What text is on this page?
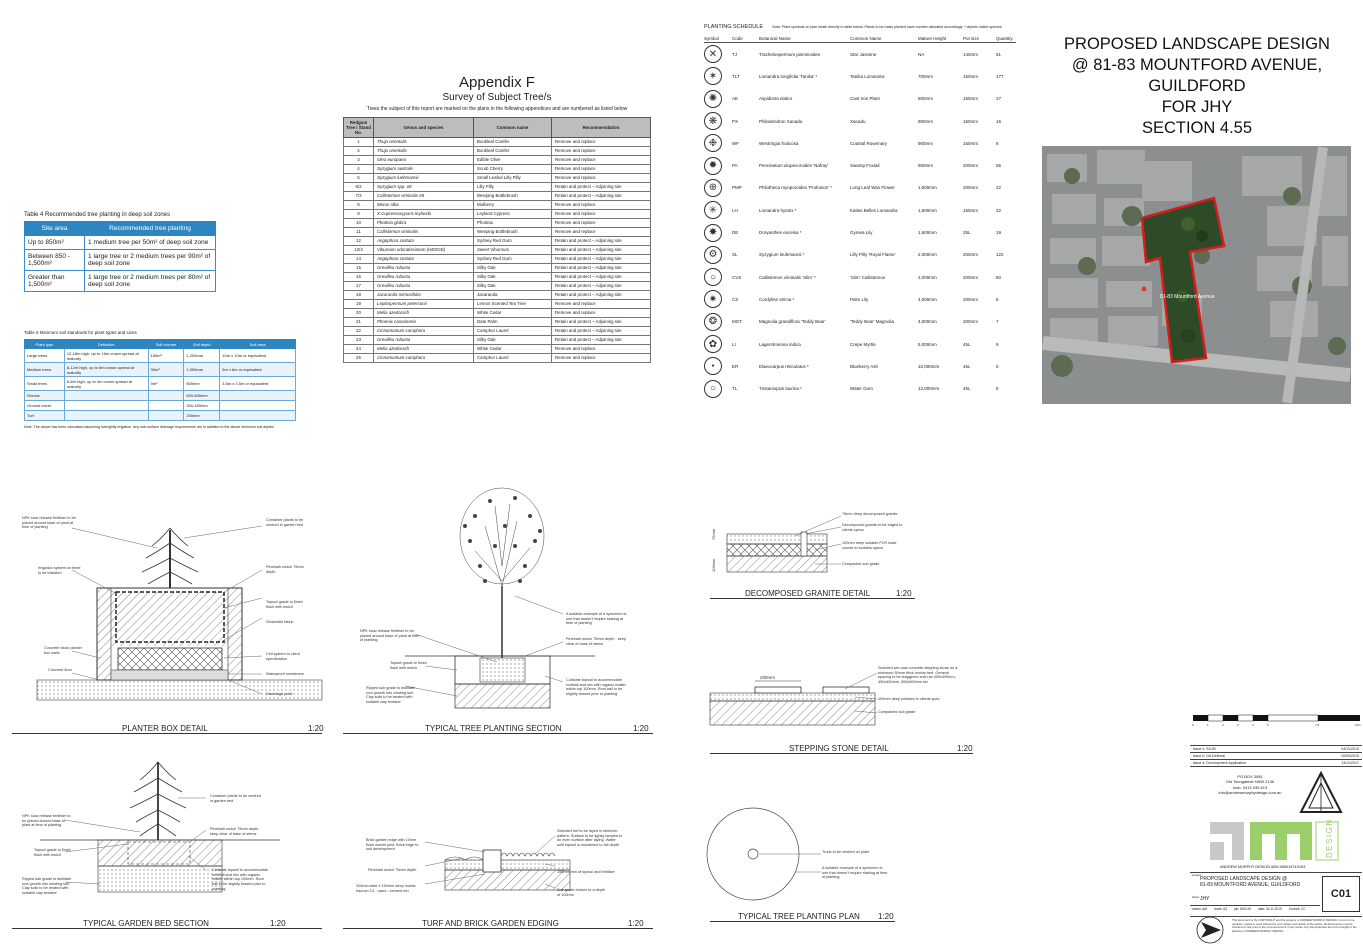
Table 4 Recommended tree planting in deep soil zones
Site area	Recommended tree planting
Up to 850m²	1 medium tree per 50m² of deep soil zone
Between 850 - 1,500m²	1 large tree or 2 medium trees per 90m² of deep soil zone
Greater than 1,500m²	1 large tree or 2 medium trees per 80m² of deep soil zone
Table 5 Minimum soil standards for plant types and sizes
Plant type	Definition	Soil volume	Soil depth	Soil area
Large trees	12-18m high, up to 16m crown spread at maturity	150m³	1,200mm	10m x 10m or equivalent
Medium trees	8-12m high, up to 8m crown spread at maturity	35m³	1,000mm	6m x 6m or equivalent
Small trees	6-8m high, up to 4m crown spread at maturity	9m³	800mm	3.5m x 3.5m or equivalent
Shrubs			500-600mm	
Ground cover			300-450mm	
Turf			200mm	
Note: The above has been calculated assuming fortnightly irrigation. Any sub-surface drainage requirements are in addition to the above minimum soil depths
Appendix F
Survey of Subject Tree/s
Trees the subject of this report are marked on the plans in the following appendices and are numbered as listed below
Redgum Tree / Stand No.	Genus and species	Common name	Recommendation
1	Thuja orientalis	Bookleaf Conifer	Remove and replace
2	Thuja orientalis	Bookleaf Conifer	Remove and replace
3	Olea europaea	Edible Olive	Remove and replace
4	Syzygium australe	Scrub Cherry	Remove and replace
5	Syzygium luehmannii	Small Leafed Lilly Pilly	Remove and replace
6/2	Syzygium spp. ett	Lilly Pilly	Retain and protect – Adjoining site
7/3	Callistemon viminalis ett	Weeping Bottlebrush	Retain and protect – Adjoining site
8	Morus alba	Mulberry	Remove and replace
9	X Cupressocyparis leylandii	Leyland Cypress	Remove and replace
10	Photinia glabra	Photinia	Remove and replace
11	Callistemon viminalis	Weeping Bottlebrush	Remove and replace
12	Angophora costata	Sydney Red Gum	Retain and protect – Adjoining site
13/4	Viburnum odoratissimum (HEDGE)	Sweet Viburnum	Retain and protect – Adjoining site
14	Angophora costata	Sydney Red Gum	Retain and protect – Adjoining site
15	Grevillea robusta	Silky Oak	Retain and protect – Adjoining site
16	Grevillea robusta	Silky Oak	Retain and protect – Adjoining site
17	Grevillea robusta	Silky Oak	Retain and protect – Adjoining site
18	Jacaranda mimosifolia	Jacaranda	Retain and protect – Adjoining site
19	Leptospermum petersonii	Lemon Scented Tea Tree	Remove and replace
20	Melia azedarach	White Cedar	Remove and replace
21	Phoenix canariensis	Date Palm	Retain and protect – Adjoining site
22	Cinnamomum camphora	Camphor Laurel	Retain and protect – Adjoining site
23	Grevillea robusta	Silky Oak	Retain and protect – Adjoining site
24	Melia azedarach	White Cedar	Remove and replace
25	Cinnamomum camphora	Camphor Laurel	Remove and replace
PLANTING SCHEDULE	Note: Plant symbols on plan relate directly to table below. Plants to be mass planted have number allocated accordingly. * depicts native species
Symbol	Code	Botanical Name	Common Name	Mature Height	Pot size	Quantity
✕	TJ	Trachelospermum jasminoides	Star Jasmine	NA	140mm	51
✶	TLT	Lomandra longifolia 'Tanika' *	Tanika Lomandra	700mm	150mm	177
✺	AE	Aspidistra elatior	Cast Iron Plant	800mm	150mm	27
❋	PX	Philodendron Xanadu	Xanadu	900mm	150mm	16
❉	WF	Westringia fruticosa	Coastal Rosemary	900mm	150mm	8
✹	PA	Pennisetum alopecuroides 'Nafray'	Swamp Foxtail	900mm	200mm	55
⊕	PMP	Philotheca myoporoides 'Profusion' *	Long Leaf Wax Flower	1,500mm	200mm	22
✳	LH	Lomandra hystrix *	Katies Belles Lomandra	1,500mm	150mm	22
✸	DE	Doryanthes excelsa *	Gymea Lily	1,500mm	25L	19
⚙	SL	Syzygium leuhmannii *	Lilly Pilly 'Royal Flame'	2,000mm	200mm	122
○	CVS	Callistemon viminalis 'Slim' *	'Slim' Callistemon	3,000mm	200mm	60
✷	CS	Cordyline stricta *	Palm Lily	4,000mm	200mm	6
❂	MGT	Magnolia grandiflora 'Teddy Bear'	'Teddy Bear' Magnolia	4,000mm	200mm	7
✿	LI	Lagerstroemia indica	Crepe Myrtle	5,000mm	45L	9
●	ER	Elaeocarpus reticulatus *	Blueberry Ash	10,000mm	45L	5
○	TL	Tristaniopsis laurina *	Water Gum	12,000mm	45L	8
PROPOSED LANDSCAPE DESIGN
@ 81-83 MOUNTFORD AVENUE,
GUILDFORD
FOR JHY
SECTION 4.55
81-83 Mountford Avenue
NPK slow release fertiliser to be placed around base of plant at time of planting
Irrigation system on timer to be installed
Concrete block planter box walls
Concrete floor
Container plants to be centred in garden bed
Pinebark mulch 75mm depth
Topsoil grade to finish flush with mulch
Geotextile fabric
Cell system to client specification
Waterproof membrane
Discharge point
PLANTER BOX DETAIL	1:20
A suitable example of a specimen is one that doesn't require staking at time of planting
NPK slow release fertiliser to be placed around base of plant at time of planting	Pinebark mulch 75mm depth - keep clear of base of stems
Topsoil grade to finish flush with mulch
Cultivate topsoil to accommodate rootball and mix with organic matter within top 100mm. Root ball to be slightly teased prior to planting
Ripped sub grade to facilitate root growth into existing soil. Clay soils to be treated with suitable clay breaker
TYPICAL TREE PLANTING SECTION	1:20
75mm
100mm
75mm deep decomposed granite
Decomposed granite to be edged to clients specs
100mm deep suitable FCR base course to builders specs
Compacted sub grade
DECOMPOSED GRANITE DETAIL	1:20
200mm
Selected pre-cast concrete stepping stone on a minimum 50mm thick mortar bed. General spacing to be staggered such as 400x400mm, 450x450mm, 500x500mm etc
100mm deep pebbles to clients spec
Compacted sub grade
STEPPING STONE DETAIL	1:20
Container plants to be centred in garden bed
NPK slow release fertiliser to be placed around base of plant at time of planting
Pinebark mulch 75mm depth - keep clear of base of stems
Topsoil grade to finish flush with mulch
Cultivate topsoil to accommodate rootball and mix with organic matter within top 100mm. Root ball to be slightly teased prior to planting
Ripped sub grade to facilitate root growth into existing soil. Clay soils to be treated with suitable clay breaker
TYPICAL GARDEN BED SECTION	1:20
Brick garden edge with 10mm flush mortar joint. Brick edge to suit development
Selected turf to be layed in stretcher pattern. Surface to be lightly tamped to an even surface after laying. Water until topsoil is moistened to full depth
Pinebark mulch 75mm depth	150mm min of topsoil and fertiliser
200mm wide x 150mm deep mortar haunch 3:1 - sand : cement mix	Sub grade broken to a depth of 100mm
TURF AND BRICK GARDEN EDGING	1:20
Trunk to be centred on plant
A suitable example of a specimen is one that doesn't require staking at time of planting
TYPICAL TREE PLANTING PLAN 1:20
0	1	2	3	4	5	7.5	10m
issue c: S4.55	04/11/2019
issue b: DA Deferral	19/09/2019
issue a: Development Application	13/11/2017
PO BOX 3081
Old Toongabbie NSW 2146
mob: 0413 935 613
info@andrewmurphydesign.com.au
DESIGN
ANDREW MURPHY DESIGN ABN 65601974S153
project:
PROPOSED LANDSCAPE DESIGN @
81-83 MOUNTFORD AVENUE, GUILDFORD
client: JHY	C01
drawn: AM scale: A3 job: MOU19 date: 04.11.2019 Council: CC
This document is the COPYRIGHT and the property of ANDREW MURPHY DESIGN. It is not to be retained, copied or used without the prior written permission of the author. All dimensions must be checked on site prior to the commencement of any works. Any discrepancies are to be brought to the attention of ANDREW MURPHY DESIGN.
